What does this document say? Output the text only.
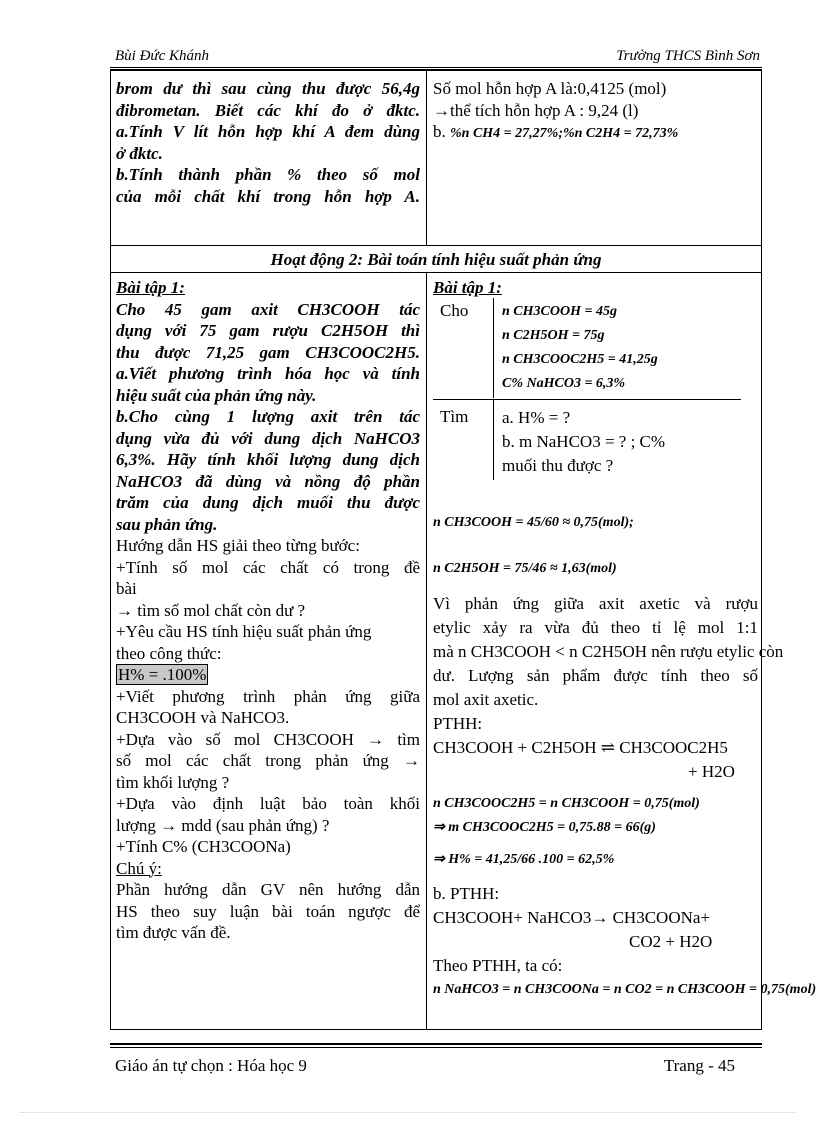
Bùi Đức Khánh	Trường THCS Bình Sơn
brom dư thì sau cùng thu được 56,4g
đibrometan. Biết các khí đo ở đktc.
a.Tính V lít hỗn hợp khí A đem dùng
ở đktc.
b.Tính thành phần % theo số mol
của mỗi chất khí trong hỗn hợp A.
Số mol hỗn hợp A là:0,4125 (mol)
→thể tích hỗn hợp A : 9,24 (l)
b. %n CH4 = 27,27%;%n C2H4 = 72,73%
Hoạt động 2: Bài toán tính hiệu suất phản ứng
Bài tập 1:
Cho 45 gam axit CH3COOH tác
dụng với 75 gam rượu C2H5OH thì
thu được 71,25 gam CH3COOC2H5.
a.Viết phương trình hóa học và tính
hiệu suất của phản ứng này.
b.Cho cùng 1 lượng axit trên tác
dụng vừa đủ với dung dịch NaHCO3
6,3%. Hãy tính khối lượng dung dịch
NaHCO3 đã dùng và nồng độ phần
trăm của dung dịch muối thu được
sau phản ứng.
Hướng dẫn HS giải theo từng bước:
+Tính số mol các chất có trong đề
bài
→ tìm số mol chất còn dư ?
+Yêu cầu HS tính hiệu suất phản ứng
theo công thức:
H% = .100%
+Viết phương trình phản ứng giữa
CH3COOH và NaHCO3.
+Dựa vào số mol CH3COOH → tìm
số mol các chất trong phản ứng →
tìm khối lượng ?
+Dựa vào định luật bảo toàn khối
lượng → mdd (sau phản ứng) ?
+Tính C% (CH3COONa)
Chú ý:
Phần hướng dẫn GV nên hướng dẫn
HS theo suy luận bài toán ngược để
tìm được vấn đề.
Bài tập 1:
Cho n CH3COOH = 45g
n C2H5OH = 75g
n CH3COOC2H5 = 41,25g
C% NaHCO3 = 6,3%
Tìm a. H% = ?
b. m NaHCO3 = ? ; C%
muối thu được ?
n CH3COOH = 45/60 ≈ 0,75(mol);
n C2H5OH = 75/46 ≈ 1,63(mol)
Vì phản ứng giữa axit axetic và rượu
etylic xảy ra vừa đủ theo tỉ lệ mol 1:1
mà n CH3COOH < n C2H5OH nên rượu etylic còn
dư. Lượng sản phẩm được tính theo số
mol axit axetic.
PTHH:
CH3COOH + C2H5OH ⇌ CH3COOC2H5
+ H2O
n CH3COOC2H5 = n CH3COOH = 0,75(mol)
⇒ m CH3COOC2H5 = 0,75.88 = 66(g)
⇒ H% = 41,25/66 .100 = 62,5%
b. PTHH:
CH3COOH+ NaHCO3→ CH3COONa+
CO2 + H2O
Theo PTHH, ta có:
n NaHCO3 = n CH3COONa = n CO2 = n CH3COOH = 0,75(mol)
Giáo án tự chọn : Hóa học 9	Trang - 45
